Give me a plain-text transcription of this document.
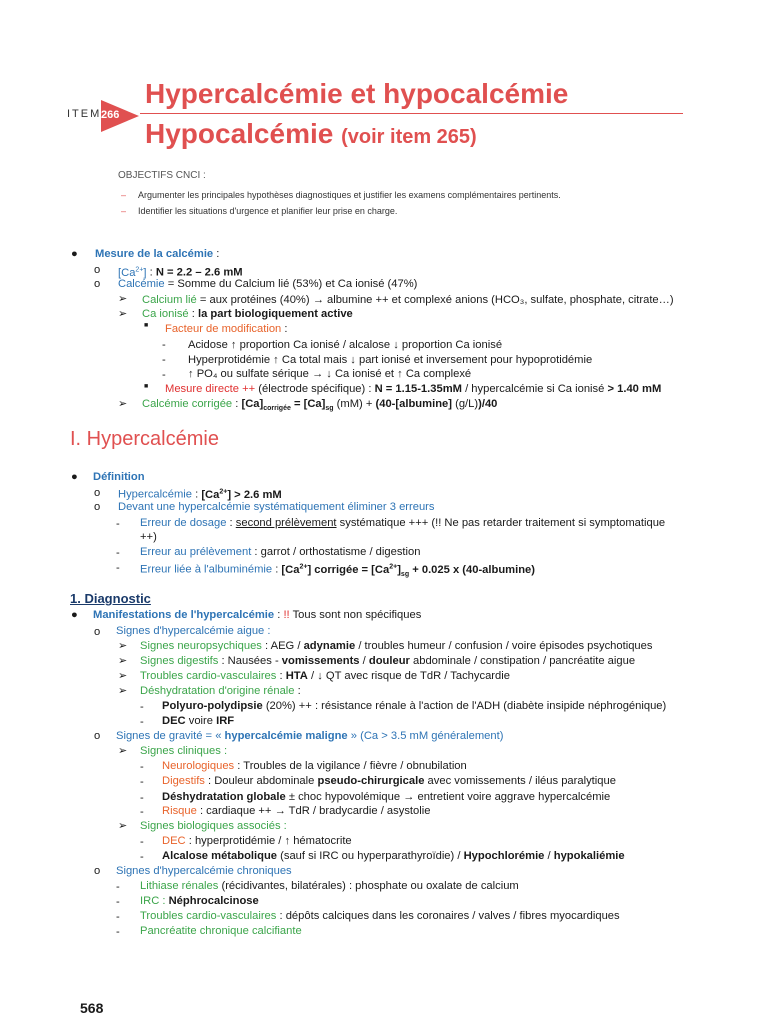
ITEM 266
Hypercalcémie et hypocalcémie
Hypocalcémie (voir item 265)
OBJECTIFS CNCI :
– Argumenter les principales hypothèses diagnostiques et justifier les examens complémentaires pertinents.
– Identifier les situations d'urgence et planifier leur prise en charge.
● Mesure de la calcémie :
o $[Ca^{2+}]$ : N = 2.2 – 2.6 mM
o Calcémie = Somme du Calcium lié (53%) et Ca ionisé (47%)
➢ Calcium lié = aux protéines (40%) → albumine ++ et complexé anions (HCO₃, sulfate, phosphate, citrate…)
➢ Ca ionisé : la part biologiquement active
■ Facteur de modification :
- Acidose ↑ proportion Ca ionisé / alcalose ↓ proportion Ca ionisé
- Hyperprotidémie ↑ Ca total mais ↓ part ionisé et inversement pour hypoprotidémie
- ↑ PO₄ ou sulfate sérique → ↓ Ca ionisé et ↑ Ca complexé
■ Mesure directe ++ (électrode spécifique) : N = 1.15-1.35mM / hypercalcémie si Ca ionisé > 1.40 mM
➢ Calcémie corrigée : $[Ca]_{corrigée} = [Ca]_{sg}$ (mM) + (40-[albumine] (g/L))/40
I. Hypercalcémie
● Définition
o Hypercalcémie : $[Ca^{2+}] > 2.6$ mM
o Devant une hypercalcémie systématiquement éliminer 3 erreurs
- Erreur de dosage : second prélèvement systématique +++ (!! Ne pas retarder traitement si symptomatique
++)
- Erreur au prélèvement : garrot / orthostatisme / digestion
- Erreur liée à l'albuminémie : $[Ca^{2+}]$ corrigée = $[Ca^{2+}]_{sg} + 0.025$ x (40-albumine)
1. Diagnostic
● Manifestations de l'hypercalcémie : !! Tous sont non spécifiques
o Signes d'hypercalcémie aigue :
➢ Signes neuropsychiques : AEG / adynamie / troubles humeur / confusion / voire épisodes psychotiques
➢ Signes digestifs : Nausées - vomissements / douleur abdominale / constipation / pancréatite aigue
➢ Troubles cardio-vasculaires : HTA / ↓ QT avec risque de TdR / Tachycardie
➢ Déshydratation d'origine rénale :
- Polyuro-polydipsie (20%) ++ : résistance rénale à l'action de l'ADH (diabète insipide néphrogénique)
- DEC voire IRF
o Signes de gravité = « hypercalcémie maligne » (Ca > 3.5 mM généralement)
➢ Signes cliniques :
- Neurologiques : Troubles de la vigilance / fièvre / obnubilation
- Digestifs : Douleur abdominale pseudo-chirurgicale avec vomissements / iléus paralytique
- Déshydratation globale ± choc hypovolémique → entretient voire aggrave hypercalcémie
- Risque : cardiaque ++ → TdR / bradycardie / asystolie
➢ Signes biologiques associés :
- DEC : hyperprotidémie / ↑ hématocrite
- Alcalose métabolique (sauf si IRC ou hyperparathyroïdie) / Hypochlorémie / hypokaliémie
o Signes d'hypercalcémie chroniques
- Lithiase rénales (récidivantes, bilatérales) : phosphate ou oxalate de calcium
- IRC : Néphrocalcinose
- Troubles cardio-vasculaires : dépôts calciques dans les coronaires / valves / fibres myocardiques
- Pancréatite chronique calcifiante
568
